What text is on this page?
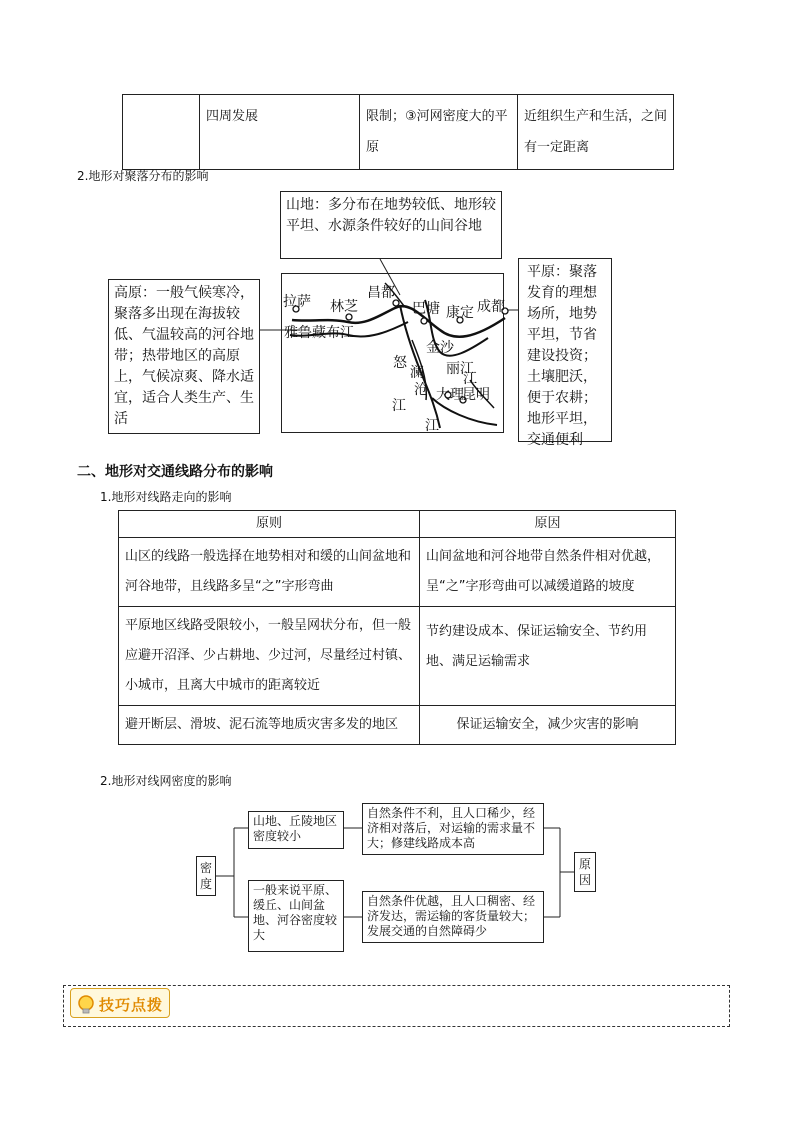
	四周发展	限制；③河网密度大的平原	近组织生产和生活，之间有一定距离
2.地形对聚落分布的影响
山地：多分布在地势较低、地形较平坦、水源条件较好的山间谷地
高原：一般气候寒冷，聚落多出现在海拔较低、气温较高的河谷地带；热带地区的高原上，气候凉爽、降水适宜，适合人类生产、生活
平原：聚落发育的理想场所，地势平坦，节省建设投资；土壤肥沃，便于农耕；地形平坦，交通便利
拉萨 林芝
昌都
巴塘 康定 成都
雅鲁藏布江
怒
澜
沧
江
金沙
丽江
江
大理
昆明
江
二、地形对交通线路分布的影响
1.地形对线路走向的影响
原则	原因
山区的线路一般选择在地势相对和缓的山间盆地和河谷地带，且线路多呈“之”字形弯曲	山间盆地和河谷地带自然条件相对优越，呈“之”字形弯曲可以减缓道路的坡度
平原地区线路受限较小，一般呈网状分布，但一般应避开沼泽、少占耕地、少过河，尽量经过村镇、小城市，且离大中城市的距离较近	节约建设成本、保证运输安全、节约用地、满足运输需求
避开断层、滑坡、泥石流等地质灾害多发的地区	保证运输安全，减少灾害的影响
2.地形对线网密度的影响
密度
原因
山地、丘陵地区密度较小
自然条件不利，且人口稀少，经济相对落后，对运输的需求量不大；修建线路成本高
一般来说平原、缓丘、山间盆地、河谷密度较大
自然条件优越，且人口稠密、经济发达，需运输的客货量较大；发展交通的自然障碍少
技巧点拨
